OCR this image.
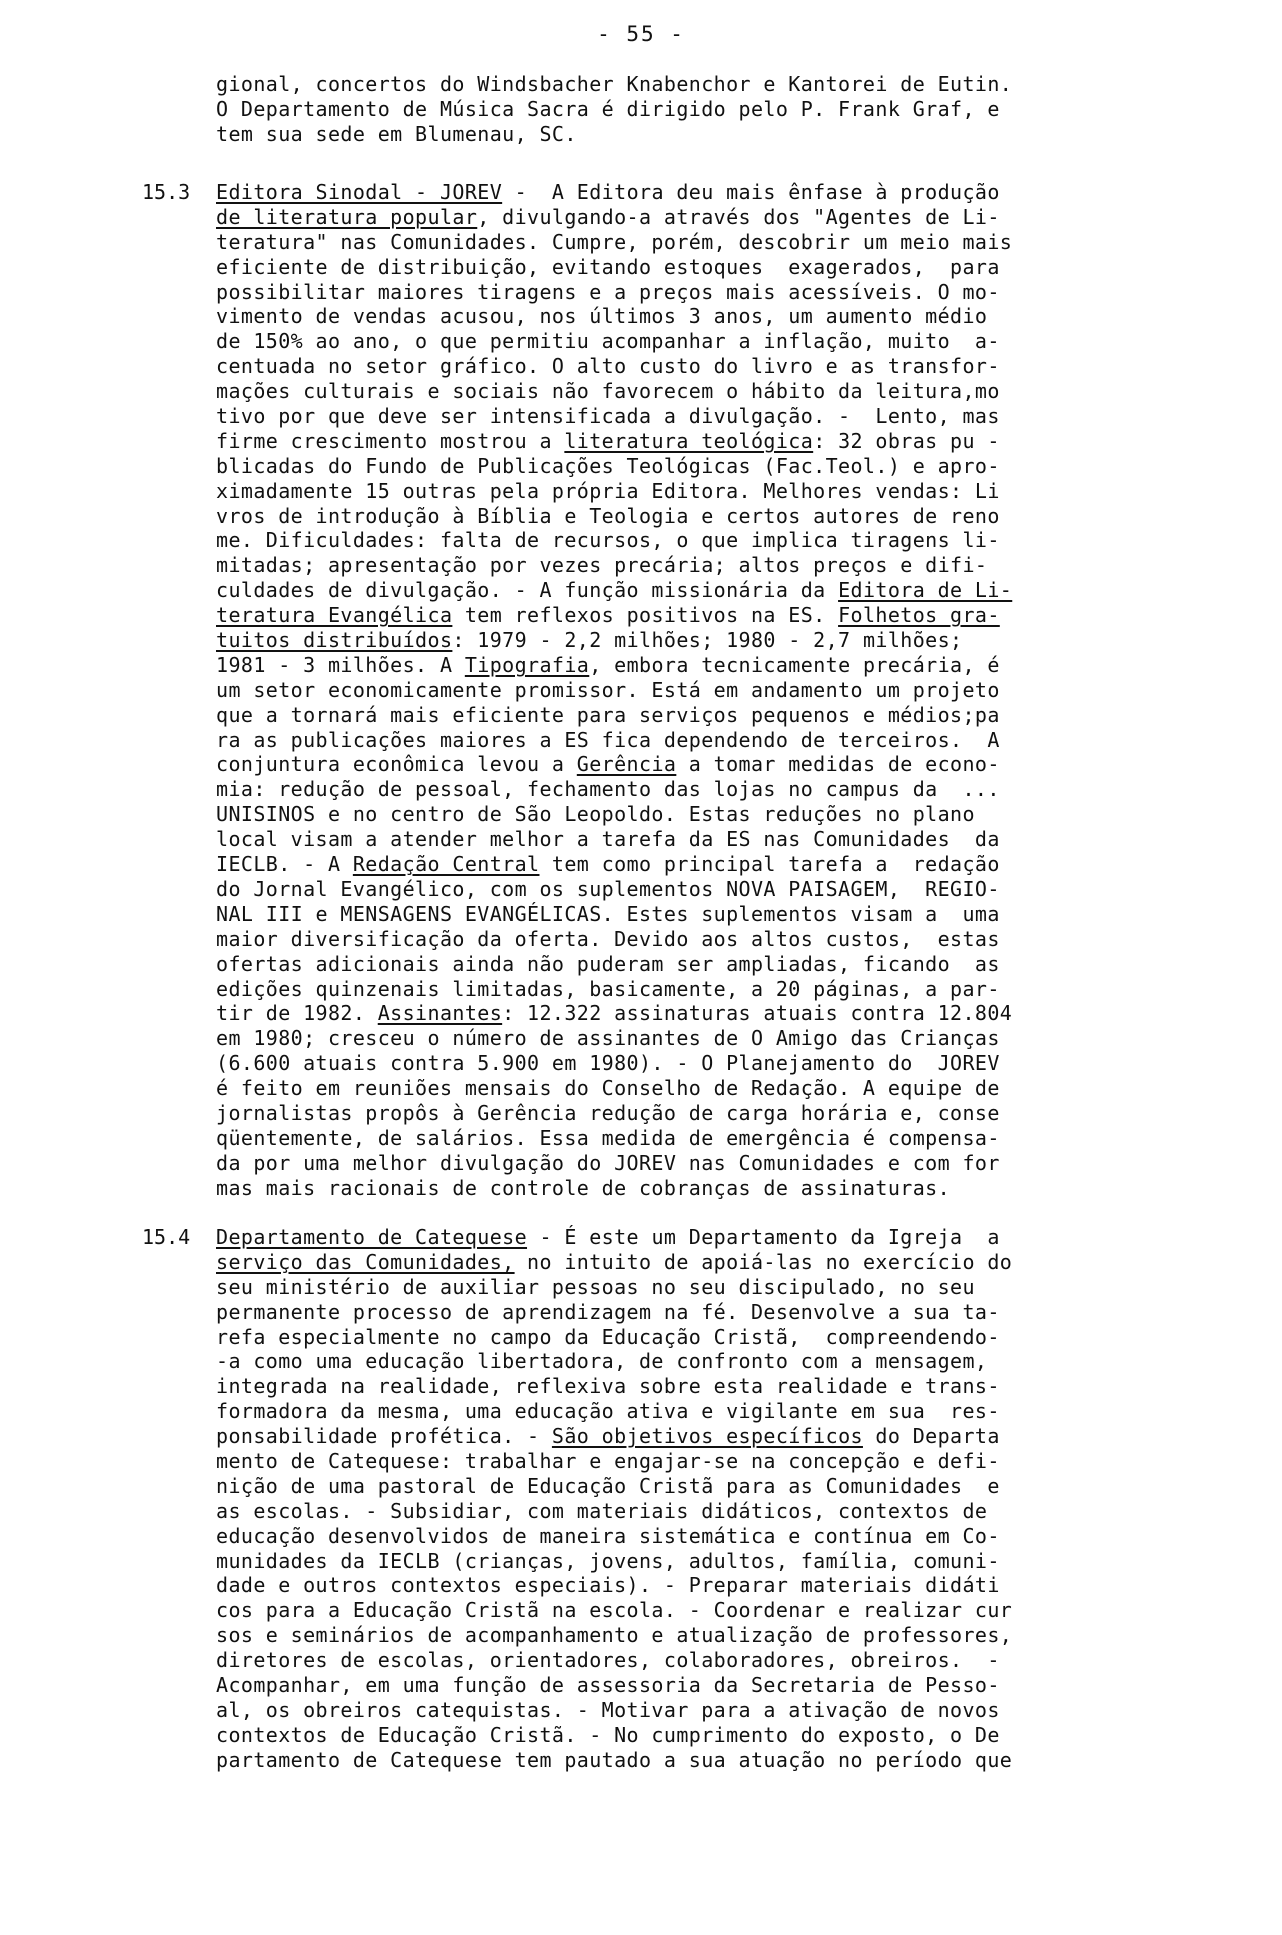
- 55 -
gional, concertos do Windsbacher Knabenchor e Kantorei de Eutin.
O Departamento de Música Sacra é dirigido pelo P. Frank Graf, e
tem sua sede em Blumenau, SC.
15.3 Editora Sinodal - JOREV -  A Editora deu mais ênfase à produção
de literatura popular, divulgando-a através dos "Agentes de Li-
teratura" nas Comunidades. Cumpre, porém, descobrir um meio mais
eficiente de distribuição, evitando estoques  exagerados,  para
possibilitar maiores tiragens e a preços mais acessíveis. O mo-
vimento de vendas acusou, nos últimos 3 anos, um aumento médio
de 150% ao ano, o que permitiu acompanhar a inflação, muito  a-
centuada no setor gráfico. O alto custo do livro e as transfor-
mações culturais e sociais não favorecem o hábito da leitura,mo
tivo por que deve ser intensificada a divulgação. -  Lento, mas
firme crescimento mostrou a literatura teológica: 32 obras pu -
blicadas do Fundo de Publicações Teológicas (Fac.Teol.) e apro-
ximadamente 15 outras pela própria Editora. Melhores vendas: Li
vros de introdução à Bíblia e Teologia e certos autores de reno
me. Dificuldades: falta de recursos, o que implica tiragens li-
mitadas; apresentação por vezes precária; altos preços e difi-
culdades de divulgação. - A função missionária da Editora de Li-
teratura Evangélica tem reflexos positivos na ES. Folhetos gra-
tuitos distribuídos: 1979 - 2,2 milhões; 1980 - 2,7 milhões;
1981 - 3 milhões. A Tipografia, embora tecnicamente precária, é
um setor economicamente promissor. Está em andamento um projeto
que a tornará mais eficiente para serviços pequenos e médios;pa
ra as publicações maiores a ES fica dependendo de terceiros.  A
conjuntura econômica levou a Gerência a tomar medidas de econo-
mia: redução de pessoal, fechamento das lojas no campus da  ...
UNISINOS e no centro de São Leopoldo. Estas reduções no plano
local visam a atender melhor a tarefa da ES nas Comunidades  da
IECLB. - A Redação Central tem como principal tarefa a  redação
do Jornal Evangélico, com os suplementos NOVA PAISAGEM,  REGIO-
NAL III e MENSAGENS EVANGÉLICAS. Estes suplementos visam a  uma
maior diversificação da oferta. Devido aos altos custos,  estas
ofertas adicionais ainda não puderam ser ampliadas, ficando  as
edições quinzenais limitadas, basicamente, a 20 páginas, a par-
tir de 1982. Assinantes: 12.322 assinaturas atuais contra 12.804
em 1980; cresceu o número de assinantes de O Amigo das Crianças
(6.600 atuais contra 5.900 em 1980). - O Planejamento do  JOREV
é feito em reuniões mensais do Conselho de Redação. A equipe de
jornalistas propôs à Gerência redução de carga horária e, conse
qüentemente, de salários. Essa medida de emergência é compensa-
da por uma melhor divulgação do JOREV nas Comunidades e com for
mas mais racionais de controle de cobranças de assinaturas.
15.4 Departamento de Catequese - É este um Departamento da Igreja  a
serviço das Comunidades, no intuito de apoiá-las no exercício do
seu ministério de auxiliar pessoas no seu discipulado, no seu
permanente processo de aprendizagem na fé. Desenvolve a sua ta-
refa especialmente no campo da Educação Cristã,  compreendendo-
-a como uma educação libertadora, de confronto com a mensagem,
integrada na realidade, reflexiva sobre esta realidade e trans-
formadora da mesma, uma educação ativa e vigilante em sua  res-
ponsabilidade profética. - São objetivos específicos do Departa
mento de Catequese: trabalhar e engajar-se na concepção e defi-
nição de uma pastoral de Educação Cristã para as Comunidades  e
as escolas. - Subsidiar, com materiais didáticos, contextos de
educação desenvolvidos de maneira sistemática e contínua em Co-
munidades da IECLB (crianças, jovens, adultos, família, comuni-
dade e outros contextos especiais). - Preparar materiais didáti
cos para a Educação Cristã na escola. - Coordenar e realizar cur
sos e seminários de acompanhamento e atualização de professores,
diretores de escolas, orientadores, colaboradores, obreiros.  -
Acompanhar, em uma função de assessoria da Secretaria de Pesso-
al, os obreiros catequistas. - Motivar para a ativação de novos
contextos de Educação Cristã. - No cumprimento do exposto, o De
partamento de Catequese tem pautado a sua atuação no período que
